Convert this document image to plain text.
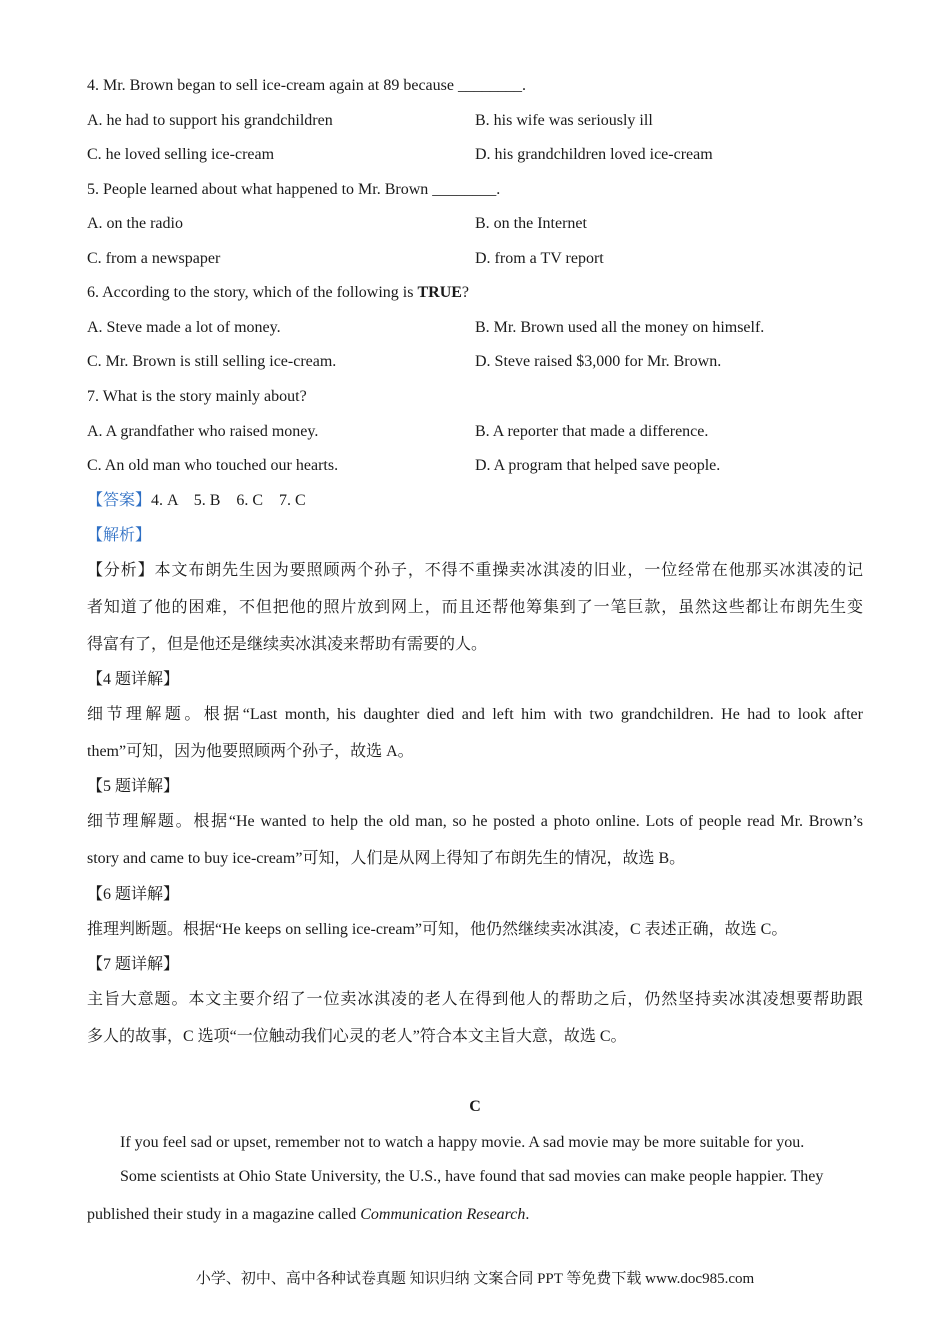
4. Mr. Brown began to sell ice-cream again at 89 because ________.
A. he had to support his grandchildren	B. his wife was seriously ill
C. he loved selling ice-cream	D. his grandchildren loved ice-cream
5. People learned about what happened to Mr. Brown ________.
A. on the radio	B. on the Internet
C. from a newspaper	D. from a TV report
6. According to the story, which of the following is TRUE?
A. Steve made a lot of money.	B. Mr. Brown used all the money on himself.
C. Mr. Brown is still selling ice-cream.	D. Steve raised $3,000 for Mr. Brown.
7. What is the story mainly about?
A. A grandfather who raised money.	B. A reporter that made a difference.
C. An old man who touched our hearts.	D. A program that helped save people.
【答案】4. A    5. B    6. C    7. C
【解析】
【分析】本文布朗先生因为要照顾两个孙子，不得不重操卖冰淇凌的旧业，一位经常在他那买冰淇凌的记
者知道了他的困难，不但把他的照片放到网上，而且还帮他筹集到了一笔巨款，虽然这些都让布朗先生变
得富有了，但是他还是继续卖冰淇凌来帮助有需要的人。
【4 题详解】
细节理解题。根据“Last month, his daughter died and left him with two grandchildren. He had to look after
them”可知，因为他要照顾两个孙子，故选 A。
【5 题详解】
细节理解题。根据“He wanted to help the old man, so he posted a photo online. Lots of people read Mr. Brown’s
story and came to buy ice-cream”可知，人们是从网上得知了布朗先生的情况，故选 B。
【6 题详解】
推理判断题。根据“He keeps on selling ice-cream”可知，他仍然继续卖冰淇凌，C 表述正确，故选 C。
【7 题详解】
主旨大意题。本文主要介绍了一位卖冰淇凌的老人在得到他人的帮助之后，仍然坚持卖冰淇凌想要帮助跟
多人的故事，C 选项“一位触动我们心灵的老人”符合本文主旨大意，故选 C。
C
If you feel sad or upset, remember not to watch a happy movie. A sad movie may be more suitable for you.
Some scientists at Ohio State University, the U.S., have found that sad movies can make people happier. They
published their study in a magazine called Communication Research.
小学、初中、高中各种试卷真题 知识归纳 文案合同 PPT 等免费下载 www.doc985.com
